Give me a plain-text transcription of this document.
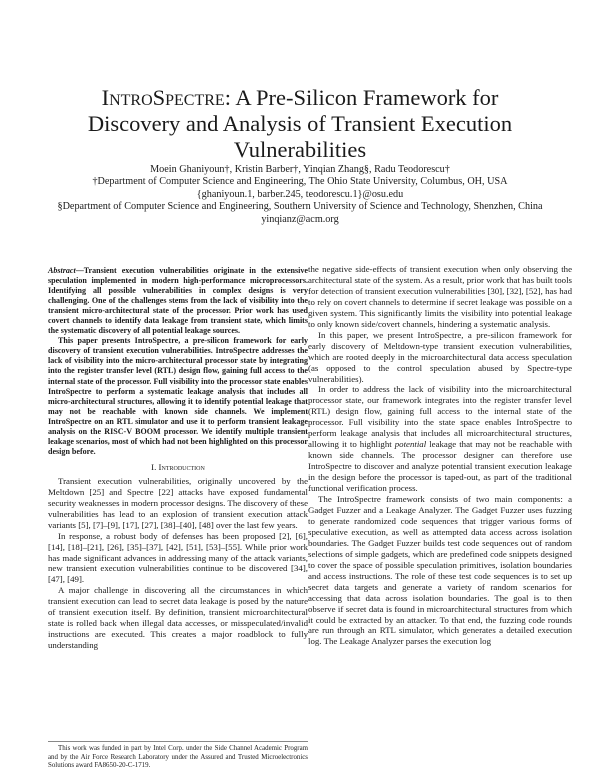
IntroSpectre: A Pre-Silicon Framework for
Discovery and Analysis of Transient Execution
Vulnerabilities
Moein Ghaniyoun†, Kristin Barber†, Yinqian Zhang§, Radu Teodorescu†
†Department of Computer Science and Engineering, The Ohio State University, Columbus, OH, USA
{ghaniyoun.1, barber.245, teodorescu.1}@osu.edu
§Department of Computer Science and Engineering, Southern University of Science and Technology, Shenzhen, China
yinqianz@acm.org

Abstract—Transient execution vulnerabilities originate in the extensive speculation implemented in modern high-performance microprocessors. Identifying all possible vulnerabilities in complex designs is very challenging. One of the challenges stems from the lack of visibility into the transient micro-architectural state of the processor. Prior work has used covert channels to identify data leakage from transient state, which limits the systematic discovery of all potential leakage sources.

This paper presents IntroSpectre, a pre-silicon framework for early discovery of transient execution vulnerabilities. IntroSpectre addresses the lack of visibility into the micro-architectural processor state by integrating into the register transfer level (RTL) design flow, gaining full access to the internal state of the processor. Full visibility into the processor state enables IntroSpectre to perform a systematic leakage analysis that includes all micro-architectural structures, allowing it to identify potential leakage that may not be reachable with known side channels. We implement IntroSpectre on an RTL simulator and use it to perform transient leakage analysis on the RISC-V BOOM processor. We identify multiple transient leakage scenarios, most of which had not been highlighted on this processor design before.

I. Introduction

Transient execution vulnerabilities, originally uncovered by the Meltdown [25] and Spectre [22] attacks have exposed fundamental security weaknesses in modern processor designs. The discovery of these vulnerabilities has lead to an explosion of transient execution attack variants [5], [7]–[9], [17], [27], [38]–[40], [48] over the last few years.

In response, a robust body of defenses has been proposed [2], [6], [14], [18]–[21], [26], [35]–[37], [42], [51], [53]–[55]. While prior work has made significant advances in addressing many of the attack variants, new transient execution vulnerabilities continue to be discovered [34], [47], [49].

A major challenge in discovering all the circumstances in which transient execution can lead to secret data leakage is posed by the nature of transient execution itself. By definition, transient microarchitectural state is rolled back when illegal data accesses, or misspeculated/invalid instructions are executed. This creates a major roadblock to fully understanding

the negative side-effects of transient execution when only observing the architectural state of the system. As a result, prior work that has built tools for detection of transient execution vulnerabilities [30], [32], [52], has had to rely on covert channels to determine if secret leakage was possible on a given system. This significantly limits the visibility into potential leakage to only known side/covert channels, hindering a systematic analysis.

In this paper, we present IntroSpectre, a pre-silicon framework for early discovery of Meltdown-type transient execution vulnerabilities, which are rooted deeply in the microarchitectural data access speculation (as opposed to the control speculation abused by Spectre-type vulnerabilities).

In order to address the lack of visibility into the microarchitectural processor state, our framework integrates into the register transfer level (RTL) design flow, gaining full access to the internal state of the processor. Full visibility into the state space enables IntroSpectre to perform leakage analysis that includes all microarchitectural structures, allowing it to highlight potential leakage that may not be reachable with known side channels. The processor designer can therefore use IntroSpectre to discover and analyze potential transient execution leakage in the design before the processor is taped-out, as part of the traditional functional verification process.

The IntroSpectre framework consists of two main components: a Gadget Fuzzer and a Leakage Analyzer. The Gadget Fuzzer uses fuzzing to generate randomized code sequences that trigger various forms of speculative execution, as well as attempted data access across isolation boundaries. The Gadget Fuzzer builds test code sequences out of random selections of simple gadgets, which are predefined code snippets designed to cover the space of possible speculation primitives, isolation boundaries and access instructions. The role of these test code sequences is to set up secret data targets and generate a variety of random scenarios for accessing that data across isolation boundaries. The goal is to then observe if secret data is found in microarchitectural structures from which it could be extracted by an attacker. To that end, the fuzzing code rounds are run through an RTL simulator, which generates a detailed execution log. The Leakage Analyzer parses the execution log

This work was funded in part by Intel Corp. under the Side Channel Academic Program and by the Air Force Research Laboratory under the Assured and Trusted Microelectronics Solutions award FA8650-20-C-1719.
